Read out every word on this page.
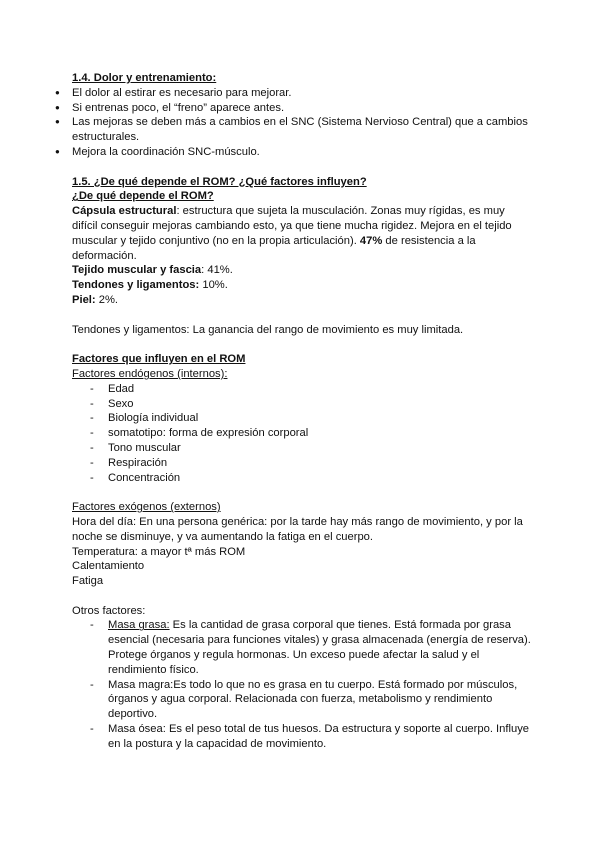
1.4. Dolor y entrenamiento:

● El dolor al estirar es necesario para mejorar.
● Si entrenas poco, el “freno” aparece antes.
● Las mejoras se deben más a cambios en el SNC (Sistema Nervioso Central) que a cambios estructurales.
● Mejora la coordinación SNC-músculo.

1.5. ¿De qué depende el ROM? ¿Qué factores influyen?

¿De qué depende el ROM?

Cápsula estructural: estructura que sujeta la musculación. Zonas muy rígidas, es muy difícil conseguir mejoras cambiando esto, ya que tiene mucha rigidez. Mejora en el tejido muscular y tejido conjuntivo (no en la propia articulación). 47% de resistencia a la deformación.

Tejido muscular y fascia: 41%.

Tendones y ligamentos: 10%.

Piel: 2%.

Tendones y ligamentos: La ganancia del rango de movimiento es muy limitada.

Factores que influyen en el ROM

Factores endógenos (internos):

- Edad
- Sexo
- Biología individual
- somatotipo: forma de expresión corporal
- Tono muscular
- Respiración
- Concentración

Factores exógenos (externos)

Hora del día: En una persona genérica: por la tarde hay más rango de movimiento, y por la noche se disminuye, y va aumentando la fatiga en el cuerpo.

Temperatura: a mayor tª más ROM

Calentamiento

Fatiga

Otros factores:

- Masa grasa: Es la cantidad de grasa corporal que tienes. Está formada por grasa esencial (necesaria para funciones vitales) y grasa almacenada (energía de reserva). Protege órganos y regula hormonas. Un exceso puede afectar la salud y el rendimiento físico.
- Masa magra:Es todo lo que no es grasa en tu cuerpo. Está formado por músculos, órganos y agua corporal. Relacionada con fuerza, metabolismo y rendimiento deportivo.
- Masa ósea: Es el peso total de tus huesos. Da estructura y soporte al cuerpo. Influye en la postura y la capacidad de movimiento.
